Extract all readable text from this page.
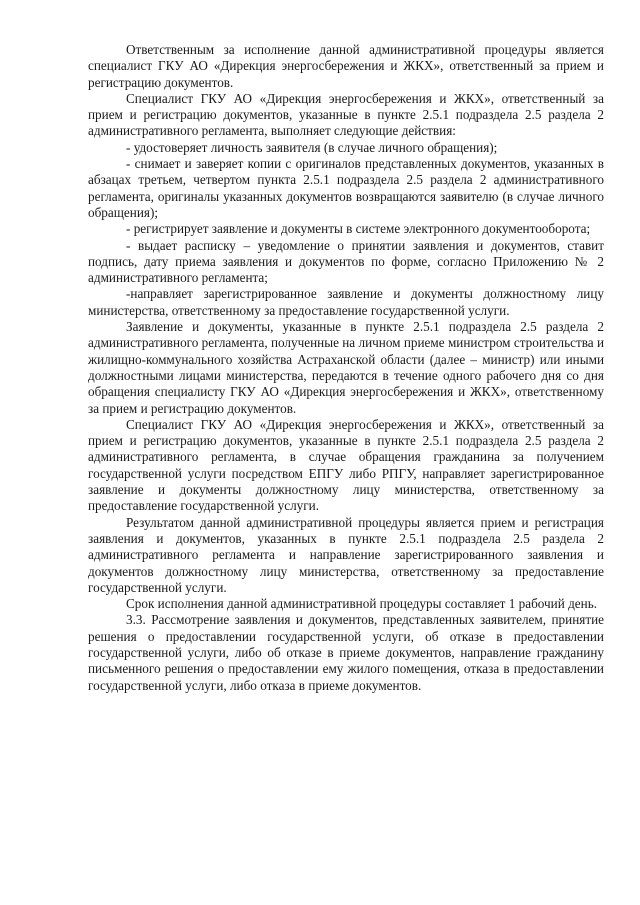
Ответственным за исполнение данной административной процедуры является специалист ГКУ АО «Дирекция энергосбережения и ЖКХ», ответственный за прием и регистрацию документов.

Специалист ГКУ АО «Дирекция энергосбережения и ЖКХ», ответственный за прием и регистрацию документов, указанные в пункте 2.5.1 подраздела 2.5 раздела 2 административного регламента, выполняет следующие действия:

- удостоверяет личность заявителя (в случае личного обращения);

- снимает и заверяет копии с оригиналов представленных документов, указанных в абзацах третьем, четвертом пункта 2.5.1 подраздела 2.5 раздела 2 административного регламента, оригиналы указанных документов возвращаются заявителю (в случае личного обращения);

- регистрирует заявление и документы в системе электронного документооборота;

- выдает расписку – уведомление о принятии заявления и документов, ставит подпись, дату приема заявления и документов по форме, согласно Приложению № 2 административного регламента;

-направляет зарегистрированное заявление и документы должностному лицу министерства, ответственному за предоставление государственной услуги.

Заявление и документы, указанные в пункте 2.5.1 подраздела 2.5 раздела 2 административного регламента, полученные на личном приеме министром строительства и жилищно-коммунального хозяйства Астраханской области (далее – министр) или иными должностными лицами министерства, передаются в течение одного рабочего дня со дня обращения специалисту ГКУ АО «Дирекция энергосбережения и ЖКХ», ответственному за прием и регистрацию документов.

Специалист ГКУ АО «Дирекция энергосбережения и ЖКХ», ответственный за прием и регистрацию документов, указанные в пункте 2.5.1 подраздела 2.5 раздела 2 административного регламента, в случае обращения гражданина за получением государственной услуги посредством ЕПГУ либо РПГУ, направляет зарегистрированное заявление и документы должностному лицу министерства, ответственному за предоставление государственной услуги.

Результатом данной административной процедуры является прием и регистрация заявления и документов, указанных в пункте 2.5.1 подраздела 2.5 раздела 2 административного регламента и направление зарегистрированного заявления и документов должностному лицу министерства, ответственному за предоставление государственной услуги.

Срок исполнения данной административной процедуры составляет 1 рабочий день.

3.3. Рассмотрение заявления и документов, представленных заявителем, принятие решения о предоставлении государственной услуги, об отказе в предоставлении государственной услуги, либо об отказе в приеме документов, направление гражданину письменного решения о предоставлении ему жилого помещения, отказа в предоставлении государственной услуги, либо отказа в приеме документов.
